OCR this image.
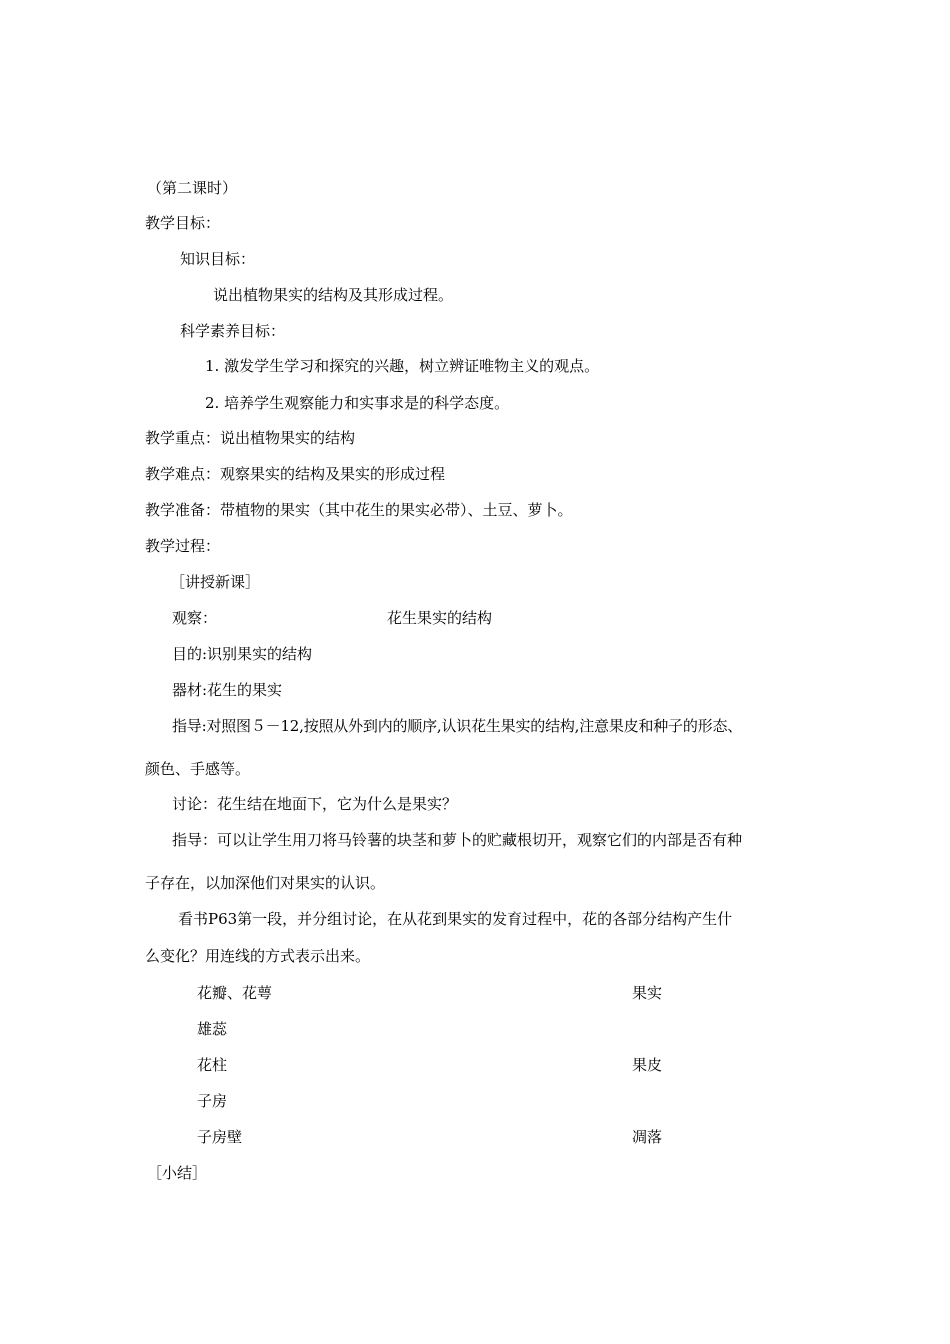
（第二课时）
教学目标：
知识目标：
说出植物果实的结构及其形成过程。
科学素养目标：
1. 激发学生学习和探究的兴趣，树立辨证唯物主义的观点。
2. 培养学生观察能力和实事求是的科学态度。
教学重点：说出植物果实的结构
教学难点：观察果实的结构及果实的形成过程
教学准备：带植物的果实（其中花生的果实必带）、土豆、萝卜。
教学过程：
［讲授新课］
观察：	花生果实的结构
目的:识别果实的结构
器材:花生的果实
指导:对照图５－12,按照从外到内的顺序,认识花生果实的结构,注意果皮和种子的形态、
颜色、手感等。
讨论：花生结在地面下，它为什么是果实？
指导：可以让学生用刀将马铃薯的块茎和萝卜的贮藏根切开，观察它们的内部是否有种
子存在，以加深他们对果实的认识。
看书P63第一段，并分组讨论，在从花到果实的发育过程中，花的各部分结构产生什
么变化？用连线的方式表示出来。
花瓣、花萼	果实
雄蕊
花柱	果皮
子房
子房壁	凋落
［小结］
